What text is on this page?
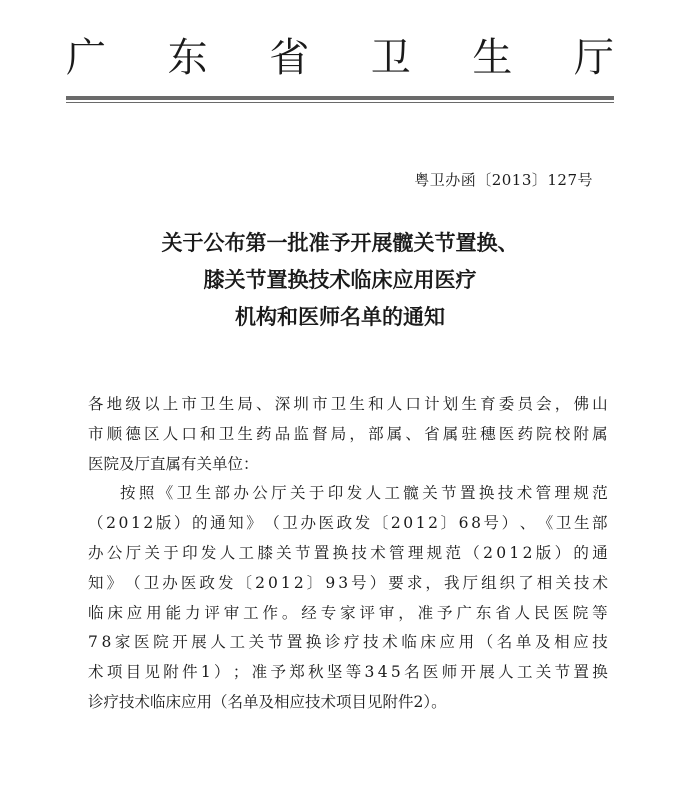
广 东 省 卫 生 厅
粤卫办函〔2013〕127号
关于公布第一批准予开展髋关节置换、
膝关节置换技术临床应用医疗
机构和医师名单的通知
各 地 级 以 上 市 卫 生 局 、 深 圳 市 卫 生 和 人 口 计 划 生 育 委 员 会 ， 佛 山
市 顺 德 区 人 口 和 卫 生 药 品 监 督 局 ， 部 属 、 省 属 驻 穗 医 药 院 校 附 属
医院及厅直属有关单位：
按 照 《 卫 生 部 办 公 厅 关 于 印 发 人 工 髋 关 节 置 换 技 术 管 理 规 范
（ 2 0 1 2 版 ） 的 通 知 》 （ 卫 办 医 政 发 〔 2 0 1 2 〕 6 8 号 ） 、 《 卫 生 部
办 公 厅 关 于 印 发 人 工 膝 关 节 置 换 技 术 管 理 规 范 （ 2 0 1 2 版 ） 的 通
知 》 （ 卫 办 医 政 发 〔 2 0 1 2 〕 9 3 号 ） 要 求 ， 我 厅 组 织 了 相 关 技 术
临 床 应 用 能 力 评 审 工 作 。 经 专 家 评 审 ， 准 予 广 东 省 人 民 医 院 等
7 8 家 医 院 开 展 人 工 关 节 置 换 诊 疗 技 术 临 床 应 用 （ 名 单 及 相 应 技
术 项 目 见 附 件 1 ） ； 准 予 郑 秋 坚 等 3 4 5 名 医 师 开 展 人 工 关 节 置 换
诊疗技术临床应用（名单及相应技术项目见附件2）。
